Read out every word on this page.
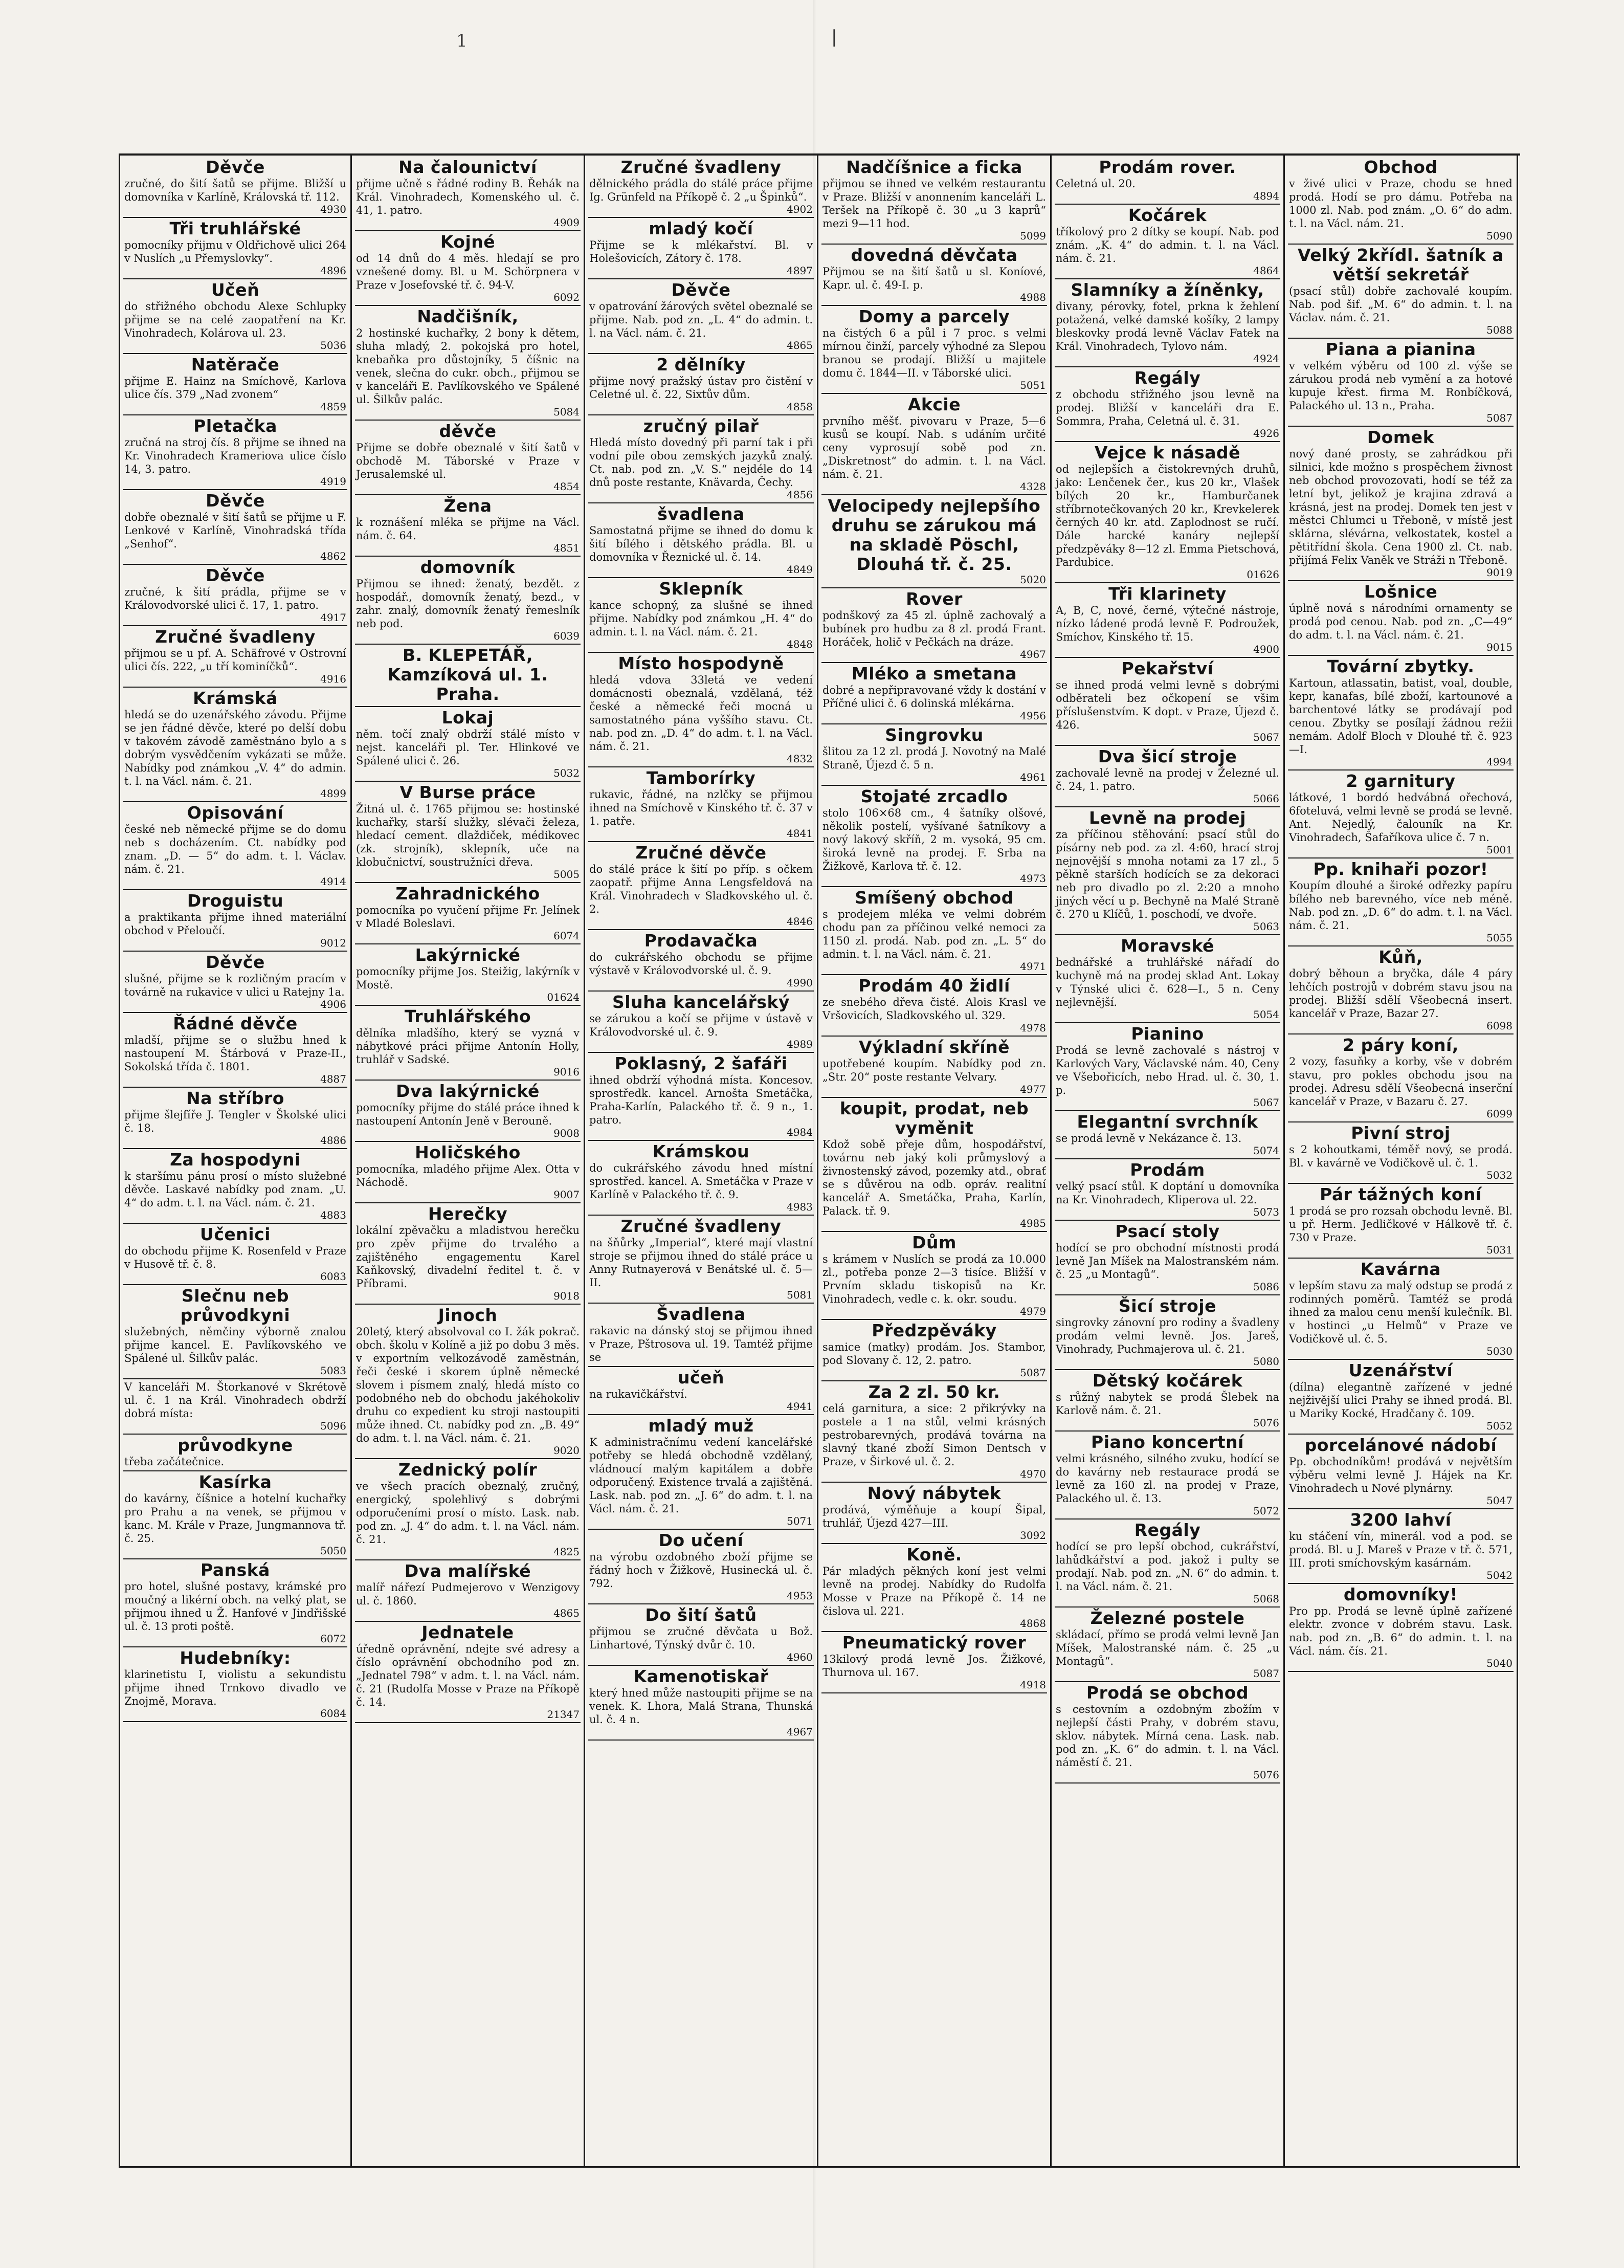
1	|
Děvče
zručné, do šití šatů se přijme. Bližší u domovníka v Karlíně, Královská tř. 112.
4930
Tři truhlářské
pomocníky přijmu v Oldřichově ulici 264 v Nuslích „u Přemyslovky“.
4896
Učeň
do střižného obchodu Alexe Schlupky přijme se na celé zaopatření na Kr. Vinohradech, Kolárova ul. 23.
5036
Natěrače
přijme E. Hainz na Smíchově, Karlova ulice čís. 379 „Nad zvonem“
4859
Pletačka
zručná na stroj čís. 8 přijme se ihned na Kr. Vinohradech Krameriova ulice číslo 14, 3. patro.
4919
Děvče
dobře obeznalé v šití šatů se přijme u F. Lenkové v Karlíně, Vinohradská třída „Senhof“.
4862
Děvče
zručné, k šití prádla, přijme se v Královodvorské ulici č. 17, 1. patro.
4917
Zručné švadleny
přijmou se u pf. A. Schäfrové v Ostrovní ulici čís. 222, „u tří kominíčků“.
4916
Krámská
hledá se do uzenářského závodu. Přijme se jen řádné děvče, které po delší dobu v takovém závodě zaměstnáno bylo a s dobrým vysvědčením vykázati se může. Nabídky pod známkou „V. 4“ do admin. t. l. na Václ. nám. č. 21.
4899
Opisování
české neb německé přijme se do domu neb s docházením. Ct. nabídky pod znam. „D. — 5“ do adm. t. l. Václav. nám. č. 21.
4914
Droguistu
a praktikanta přijme ihned materiální obchod v Přeloučí.
9012
Děvče
slušné, přijme se k rozličným pracím v továrně na rukavice v ulici u Ratejny 1a.
4906
Řádné děvče
mladší, přijme se o službu hned k nastoupení M. Štárbová v Praze-II., Sokolská třída č. 1801.
4887
Na stříbro
přijme šlejfíře J. Tengler v Školské ulici č. 18.
4886
Za hospodyni
k staršímu pánu prosí o místo služebné děvče. Laskavé nabídky pod znam. „U. 4“ do adm. t. l. na Václ. nám. č. 21.
4883
Učenici
do obchodu přijme K. Rosenfeld v Praze v Husově tř. č. 8.
6083
Slečnu neb průvodkyni
služebných, němčiny výborně znalou přijme kancel. E. Pavlíkovského ve Spálené ul. Šilkův palác.
5083
V kanceláři M. Štorkanové v Skrétově ul. č. 1 na Král. Vinohradech obdrží dobrá místa:
5096
průvodkyne
třeba začátečnice.
Kasírka
do kavárny, číšnice a hotelní kuchařky pro Prahu a na venek, se přijmou v kanc. M. Krále v Praze, Jungmannova tř. č. 25.
5050
Panská
pro hotel, slušné postavy, krámské pro moučný a likérní obch. na velký plat, se přijmou ihned u Ž. Hanfové v Jindřišské ul. č. 13 proti poště.
6072
Hudebníky:
klarinetistu I, violistu a sekundistu přijme ihned Trnkovo divadlo ve Znojmě, Morava.
6084
Na čalounictví
přijme učně s řádné rodiny B. Řehák na Král. Vinohradech, Komenského ul. č. 41, 1. patro.
4909
Kojné
od 14 dnů do 4 měs. hledají se pro vznešené domy. Bl. u M. Schörpnera v Praze v Josefovské tř. č. 94-V.
6092
Nadčišník,
2 hostinské kuchařky, 2 bony k dětem, sluha mladý, 2. pokojská pro hotel, knebaňka pro důstojníky, 5 číšnic na venek, slečna do cukr. obch., přijmou se v kanceláři E. Pavlíkovského ve Spálené ul. Šilkův palác.
5084
děvče
Přijme se dobře obeznalé v šití šatů v obchodě M. Táborské v Praze v Jerusalemské ul.
4854
Žena
k roznášení mléka se přijme na Václ. nám. č. 64.
4851
domovník
Přijmou se ihned: ženatý, bezdět. z hospodář., domovník ženatý, bezd., v zahr. znalý, domovník ženatý řemeslník neb pod.
6039
B. KLEPETÁŘ, Kamzíková ul. 1. Praha.
Lokaj
něm. točí znalý obdrží stálé místo v nejst. kanceláři pl. Ter. Hlinkové ve Spálené ulici č. 26.
5032
V Burse práce
Žitná ul. č. 1765 přijmou se: hostinské kuchařky, starší služky, slévači železa, hledací cement. dlaždiček, médikovec (zk. strojník), sklepník, uče na klobučnictví, soustružníci dřeva.
5005
Zahradnického
pomocníka po vyučení přijme Fr. Jelínek v Mladé Boleslavi.
6074
Lakýrnické
pomocníky přijme Jos. Steižig, lakýrník v Mostě.
01624
Truhlářského
dělníka mladšího, který se vyzná v nábytkové práci přijme Antonín Holly, truhlář v Sadské.
9016
Dva lakýrnické
pomocníky přijme do stálé práce ihned k nastoupení Antonín Jeně v Berouně.
9008
Holičského
pomocníka, mladého přijme Alex. Otta v Náchodě.
9007
Herečky
lokální zpěvačku a mladistvou herečku pro zpěv přijme do trvalého a zajištěného engagementu Karel Kaňkovský, divadelní ředitel t. č. v Příbrami.
9018
Jinoch
20letý, který absolvoval co I. žák pokrač. obch. školu v Kolíně a již po dobu 3 měs. v exportním velkozávodě zaměstnán, řeči české i skorem úplně německé slovem i písmem znalý, hledá místo co podobného neb do obchodu jakéhokoliv druhu co expedient ku stroji nastoupiti může ihned. Ct. nabídky pod zn. „B. 49“ do adm. t. l. na Václ. nám. č. 21.
9020
Zednický polír
ve všech pracích obeznalý, zručný, energický, spolehlivý s dobrými odporučeními prosí o místo. Lask. nab. pod zn. „J. 4“ do adm. t. l. na Václ. nám. č. 21.
4825
Dva malířské
malíř nářezí Pudmejerovo v Wenzigovy ul. č. 1860.
4865
Jednatele
úředně oprávnění, ndejte své adresy a číslo oprávnění obchodního pod zn. „Jednatel 798“ v adm. t. l. na Václ. nám. č. 21 (Rudolfa Mosse v Praze na Příkopě č. 14.
21347
Zručné švadleny
dělnického prádla do stálé práce přijme Ig. Grünfeld na Příkopě č. 2 „u Špinků“.
4902
mladý kočí
Přijme se k mlékařství. Bl. v Holešovicích, Zátory č. 178.
4897
Děvče
v opatrování žárových světel obeznalé se přijme. Nab. pod zn. „L. 4“ do admin. t. l. na Václ. nám. č. 21.
4865
2 dělníky
přijme nový pražský ústav pro čistění v Celetné ul. č. 22, Sixtův dům.
4858
zručný pilař
Hledá místo dovedný při parní tak i při vodní pile obou zemských jazyků znalý. Ct. nab. pod zn. „V. S.“ nejdéle do 14 dnů poste restante, Knävarda, Čechy.
4856
švadlena
Samostatná přijme se ihned do domu k šití bílého i dětského prádla. Bl. u domovníka v Řeznické ul. č. 14.
4849
Sklepník
kance schopný, za slušné se ihned přijme. Nabídky pod známkou „H. 4“ do admin. t. l. na Václ. nám. č. 21.
4848
Místo hospodyně
hledá vdova 33letá ve vedení domácnosti obeznalá, vzdělaná, též české a německé řeči mocná u samostatného pána vyššího stavu. Ct. nab. pod zn. „D. 4“ do adm. t. l. na Václ. nám. č. 21.
4832
Tamborírky
rukavic, řádné, na nzlčky se přijmou ihned na Smíchově v Kinského tř. č. 37 v 1. patře.
4841
Zručné děvče
do stálé práce k šití po příp. s očkem zaopatř. přijme Anna Lengsfeldová na Král. Vinohradech v Sladkovského ul. č. 2.
4846
Prodavačka
do cukrářského obchodu se přijme výstavě v Královodvorské ul. č. 9.
4990
Sluha kancelářský
se zárukou a kočí se přijme v ústavě v Královodvorské ul. č. 9.
4989
Poklasný, 2 šafáři
ihned obdrží výhodná místa. Koncesov. sprostředk. kancel. Arnošta Smetáčka, Praha-Karlín, Palackého tř. č. 9 n., 1. patro.
4984
Krámskou
do cukrářského závodu hned místní sprostřed. kancel. A. Smetáčka v Praze v Karlíně v Palackého tř. č. 9.
4983
Zručné švadleny
na šňůrky „Imperial“, které mají vlastní stroje se přijmou ihned do stálé práce u Anny Rutnayerová v Benátské ul. č. 5—II.
5081
Švadlena
rakavic na dánský stoj se přijmou ihned v Praze, Pštrosova ul. 19. Tamtéž přijme se
učeň
na rukavičkářství.
4941
mladý muž
K administračnímu vedení kancelářské potřeby se hledá obchodně vzdělaný, vládnoucí malým kapitálem a dobře odporučený. Existence trvalá a zajištěná. Lask. nab. pod zn. „J. 6“ do adm. t. l. na Václ. nám. č. 21.
5071
Do učení
na výrobu ozdobného zboží přijme se řádný hoch v Žižkově, Husinecká ul. č. 792.
4953
Do šití šatů
přijmou se zručné děvčata u Bož. Linhartové, Týnský dvůr č. 10.
4960
Kamenotiskař
který hned může nastoupiti přijme se na venek. K. Lhora, Malá Strana, Thunská ul. č. 4 n.
4967
Nadčíšnice a ficka
přijmou se ihned ve velkém restaurantu v Praze. Bližší v anonnením kanceláři L. Teršek na Příkopě č. 30 „u 3 kaprů“ mezi 9—11 hod.
5099
dovedná děvčata
Přijmou se na šití šatů u sl. Koníové, Kapr. ul. č. 49-I. p.
4988
Domy a parcely
na čistých 6 a půl i 7 proc. s velmi mírnou činží, parcely výhodné za Slepou branou se prodají. Bližší u majitele domu č. 1844—II. v Táborské ulici.
5051
Akcie
prvního měšť. pivovaru v Praze, 5—6 kusů se koupí. Nab. s udáním určité ceny vyprosují sobě pod zn. „Diskretnost“ do admin. t. l. na Václ. nám. č. 21.
4328
Velocipedy nejlepšího druhu se zárukou má na skladě Pöschl, Dlouhá tř. č. 25.
5020
Rover
podnškový za 45 zl. úplně zachovalý a bubínek pro hudbu za 8 zl. prodá Frant. Horáček, holič v Pečkách na dráze.
4967
Mléko a smetana
dobré a nepřipravované vždy k dostání v Příčné ulici č. 6 dolinská mlékárna.
4956
Singrovku
šlitou za 12 zl. prodá J. Novotný na Malé Straně, Újezd č. 5 n.
4961
Stojaté zrcadlo
stolo 106×68 cm., 4 šatníky olšové, několik postelí, vyšívané šatníkovy a nový lakový skříň, 2 m. vysoká, 95 cm. široká levně na prodej. F. Srba na Žižkově, Karlova tř. č. 12.
4973
Smíšený obchod
s prodejem mléka ve velmi dobrém chodu pan za příčinou velké nemoci za 1150 zl. prodá. Nab. pod zn. „L. 5“ do admin. t. l. na Václ. nám. č. 21.
4971
Prodám 40 židlí
ze snebého dřeva čisté. Alois Krasl ve Vršovicích, Sladkovského ul. 329.
4978
Výkladní skříně
upotřebené koupím. Nabídky pod zn. „Str. 20“ poste restante Velvary.
4977
koupit, prodat, neb vyměnit
Kdož sobě přeje dům, hospodářství, továrnu neb jaký koli průmyslový a živnostenský závod, pozemky atd., obrať se s důvěrou na odb. opráv. realitní kancelář A. Smetáčka, Praha, Karlín, Palack. tř. 9.
4985
Dům
s krámem v Nuslích se prodá za 10.000 zl., potřeba ponze 2—3 tisíce. Bližší v Prvním skladu tiskopisů na Kr. Vinohradech, vedle c. k. okr. soudu.
4979
Předzpěváky
samice (matky) prodám. Jos. Stambor, pod Slovany č. 12, 2. patro.
5087
Za 2 zl. 50 kr.
celá garnitura, a sice: 2 přikrývky na postele a 1 na stůl, velmi krásných pestrobarevných, prodává továrna na slavný tkané zboží Simon Dentsch v Praze, v Širkové ul. č. 2.
4970
Nový nábytek
prodává, výměňuje a koupí Šipal, truhlář, Újezd 427—III.
3092
Koně.
Pár mladých pěkných koní jest velmi levně na prodej. Nabídky do Rudolfa Mosse v Praze na Příkopě č. 14 ne čislova ul. 221.
4868
Pneumatický rover
13kilový prodá levně Jos. Žižkové, Thurnova ul. 167.
4918
Prodám rover.
Celetná ul. 20.
4894
Kočárek
tříkolový pro 2 dítky se koupí. Nab. pod znám. „K. 4“ do admin. t. l. na Václ. nám. č. 21.
4864
Slamníky a žíněnky,
divany, pérovky, fotel, prkna k žehlení potažená, velké damské košíky, 2 lampy bleskovky prodá levně Václav Fatek na Král. Vinohradech, Tylovo nám.
4924
Regály
z obchodu střižného jsou levně na prodej. Bližší v kanceláři dra E. Sommra, Praha, Celetná ul. č. 31.
4926
Vejce k násadě
od nejlepších a čistokrevných druhů, jako: Lenčenek čer., kus 20 kr., Vlašek bílých 20 kr., Hamburčanek stříbrnotečkovaných 20 kr., Krevkelerek černých 40 kr. atd. Zaplodnost se ručí. Dále harcké kanáry nejlepší předzpěváky 8—12 zl. Emma Pietschová, Pardubice.
01626
Tři klarinety
A, B, C, nové, černé, výtečné nástroje, nízko ládené prodá levně F. Podroužek, Smíchov, Kinského tř. 15.
4900
Pekařství
se ihned prodá velmi levně s dobrými odběrateli bez očkopení se všim příslušenstvím. K dopt. v Praze, Újezd č. 426.
5067
Dva šicí stroje
zachovalé levně na prodej v Železné ul. č. 24, 1. patro.
5066
Levně na prodej
za příčinou stěhování: psací stůl do písárny neb pod. za zl. 4:60, hrací stroj nejnovější s mnoha notami za 17 zl., 5 pěkně starších hodících se za dekoraci neb pro divadlo po zl. 2:20 a mnoho jiných věcí u p. Bechyně na Malé Straně č. 270 u Klíčů, 1. poschodí, ve dvoře.
5063
Moravské
bednářské a truhlářské nářadí do kuchyně má na prodej sklad Ant. Lokay v Týnské ulici č. 628—I., 5 n. Ceny nejlevnější.
5054
Pianino
Prodá se levně zachovalé s nástroj v Karlových Vary, Václavské nám. 40, Ceny ve Všebořicích, nebo Hrad. ul. č. 30, 1. p.
5067
Elegantní svrchník
se prodá levně v Nekázance č. 13.
5074
Prodám
velký psací stůl. K doptání u domovníka na Kr. Vinohradech, Kliperova ul. 22.
5073
Psací stoly
hodící se pro obchodní místnosti prodá levně Jan Míšek na Malostranském nám. č. 25 „u Montagů“.
5086
Šicí stroje
singrovky zánovní pro rodiny a švadleny prodám velmi levně. Jos. Jareš, Vinohrady, Puchmajerova ul. č. 21.
5080
Dětský kočárek
s růžný nabytek se prodá Šlebek na Karlově nám. č. 21.
5076
Piano koncertní
velmi krásného, silného zvuku, hodící se do kavárny neb restaurace prodá se levně za 160 zl. na prodej v Praze, Palackého ul. č. 13.
5072
Regály
hodící se pro lepší obchod, cukrářství, lahůdkářství a pod. jakož i pulty se prodají. Nab. pod zn. „N. 6“ do admin. t. l. na Václ. nám. č. 21.
5068
Železné postele
skládací, přímo se prodá velmi levně Jan Míšek, Malostranské nám. č. 25 „u Montagů“.
5087
Prodá se obchod
s cestovním a ozdobným zbožím v nejlepší části Prahy, v dobrém stavu, sklov. nábytek. Mírná cena. Lask. nab. pod zn. „K. 6“ do admin. t. l. na Václ. náměstí č. 21.
5076
Obchod
v živé ulici v Praze, chodu se hned prodá. Hodí se pro dámu. Potřeba na 1000 zl. Nab. pod znám. „O. 6“ do adm. t. l. na Václ. nám. 21.
5090
Velký 2křídl. šatník a větší sekretář
(psací stůl) dobře zachovalé koupím. Nab. pod šif. „M. 6“ do admin. t. l. na Václav. nám. č. 21.
5088
Piana a pianina
v velkém výběru od 100 zl. výše se zárukou prodá neb vymění a za hotové kupuje křest. firma M. Ronbíčková, Palackého ul. 13 n., Praha.
5087
Domek
nový dané prosty, se zahrádkou při silnici, kde možno s prospěchem živnost neb obchod provozovati, hodí se též za letní byt, jelikož je krajina zdravá a krásná, jest na prodej. Domek ten jest v městci Chlumci u Třeboně, v místě jest sklárna, slévárna, velkostatek, kostel a pětitřídní škola. Cena 1900 zl. Ct. nab. přijímá Felix Vaněk ve Stráži n Třeboně.
9019
Lošnice
úplně nová s národními ornamenty se prodá pod cenou. Nab. pod zn. „C—49“ do adm. t. l. na Václ. nám. č. 21.
9015
Tovární zbytky.
Kartoun, atlassatin, batist, voal, double, kepr, kanafas, bílé zboží, kartounové a barchentové látky se prodávají pod cenou. Zbytky se posílají žádnou režii nemám. Adolf Bloch v Dlouhé tř. č. 923—I.
4994
2 garnitury
látkové, 1 bordó hedvábná ořechová, 6foteluvá, velmi levně se prodá se levně. Ant. Nejedlý, čalouník na Kr. Vinohradech, Šafaříkova ulice č. 7 n.
5001
Pp. knihaři pozor!
Koupím dlouhé a široké odřezky papíru bílého neb barevného, více neb méně. Nab. pod zn. „D. 6“ do adm. t. l. na Václ. nám. č. 21.
5055
Kůň,
dobrý běhoun a bryčka, dále 4 páry lehčích postrojů v dobrém stavu jsou na prodej. Bližší sdělí Všeobecná insert. kancelář v Praze, Bazar 27.
6098
2 páry koní,
2 vozy, fasuňky a korby, vše v dobrém stavu, pro pokles obchodu jsou na prodej. Adresu sdělí Všeobecná inserční kancelář v Praze, v Bazaru č. 27.
6099
Pivní stroj
s 2 kohoutkami, téměř nový, se prodá. Bl. v kavárně ve Vodičkově ul. č. 1.
5032
Pár tážných koní
1 prodá se pro rozsah obchodu levně. Bl. u př. Herm. Jedličkové v Hálkově tř. č. 730 v Praze.
5031
Kavárna
v lepším stavu za malý odstup se prodá z rodinných poměrů. Tamtéž se prodá ihned za malou cenu menší kulečník. Bl. v hostinci „u Helmů“ v Praze ve Vodičkově ul. č. 5.
5030
Uzenářství
(dílna) elegantně zařízené v jedné nejživější ulici Prahy se ihned prodá. Bl. u Mariky Kocké, Hradčany č. 109.
5052
porcelánové nádobí
Pp. obchodníkům! prodává v největším výběru velmi levně J. Hájek na Kr. Vinohradech u Nové plynárny.
5047
3200 lahví
ku stáčení vín, minerál. vod a pod. se prodá. Bl. u J. Mareš v Praze v tř. č. 571, III. proti smíchovským kasárnám.
5042
domovníky!
Pro pp. Prodá se levně úplně zařízené elektr. zvonce v dobrém stavu. Lask. nab. pod zn. „B. 6“ do admin. t. l. na Václ. nám. čís. 21.
5040
